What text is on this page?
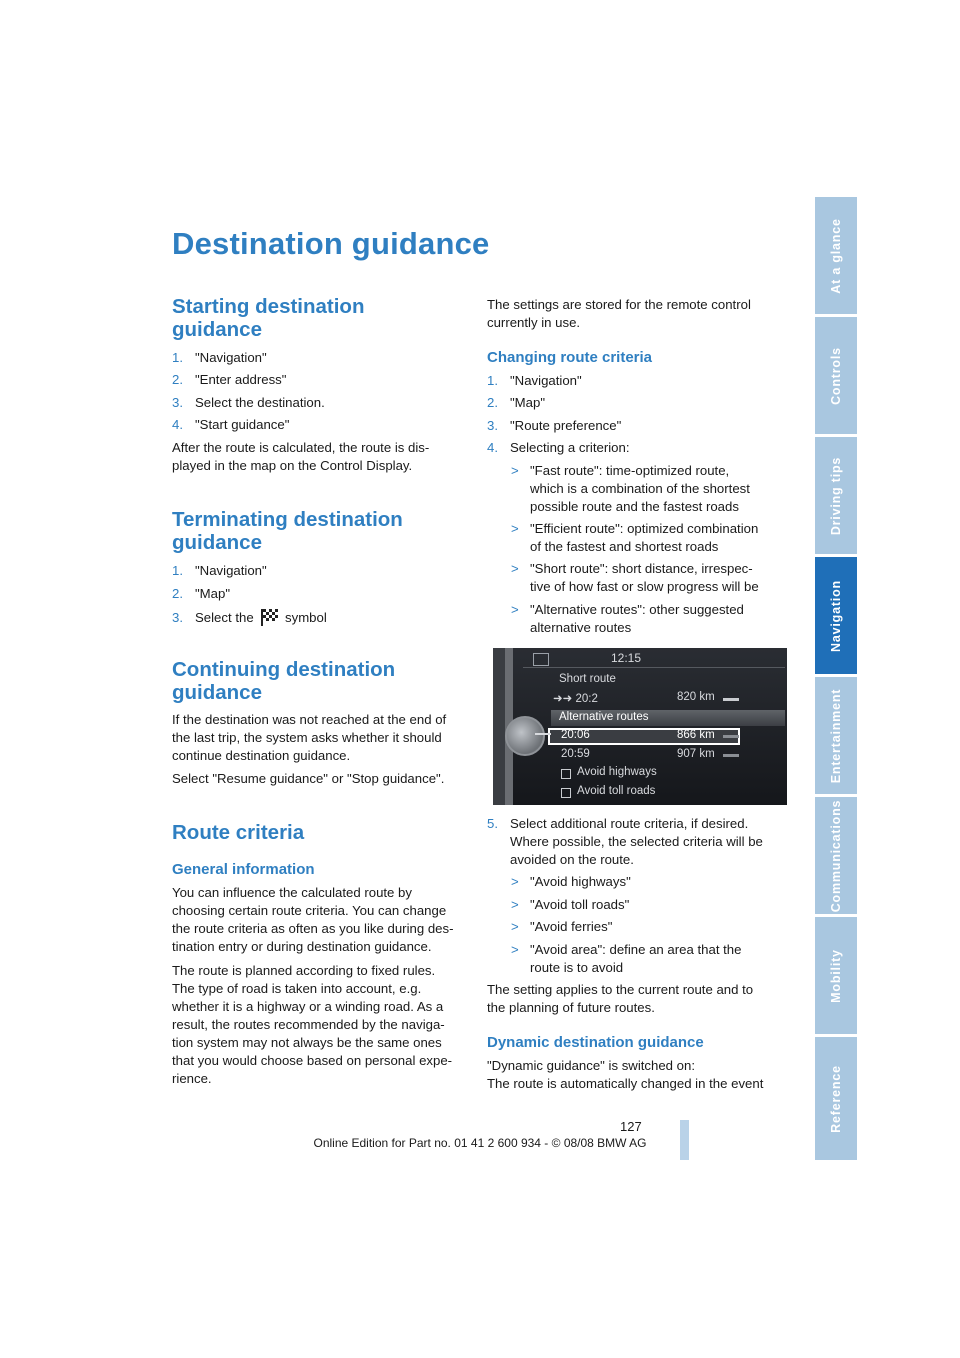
Destination guidance
Starting destination
guidance
1. "Navigation"
2. "Enter address"
3. Select the destination.
4. "Start guidance"
After the route is calculated, the route is dis-
played in the map on the Control Display.
Terminating destination
guidance
1. "Navigation"
2. "Map"
3. Select the symbol
Continuing destination
guidance
If the destination was not reached at the end of
the last trip, the system asks whether it should
continue destination guidance.
Select "Resume guidance" or "Stop guidance".
Route criteria
General information
You can influence the calculated route by
choosing certain route criteria. You can change
the route criteria as often as you like during des-
tination entry or during destination guidance.
The route is planned according to fixed rules.
The type of road is taken into account, e.g.
whether it is a highway or a winding road. As a
result, the routes recommended by the naviga-
tion system may not always be the same ones
that you would choose based on personal expe-
rience.
The settings are stored for the remote control
currently in use.
Changing route criteria
1. "Navigation"
2. "Map"
3. "Route preference"
4. Selecting a criterion:
> "Fast route": time-optimized route,
which is a combination of the shortest
possible route and the fastest roads
> "Efficient route": optimized combination
of the fastest and shortest roads
> "Short route": short distance, irrespec-
tive of how fast or slow progress will be
> "Alternative routes": other suggested
alternative routes
12:15
Short route
➜➜ 20:2	820 km
Alternative routes
20:06	866 km
20:59	907 km
Avoid highways
Avoid toll roads
5. Select additional route criteria, if desired.
Where possible, the selected criteria will be
avoided on the route.
> "Avoid highways"
> "Avoid toll roads"
> "Avoid ferries"
> "Avoid area": define an area that the
route is to avoid
The setting applies to the current route and to
the planning of future routes.
Dynamic destination guidance
"Dynamic guidance" is switched on:
The route is automatically changed in the event
At a glance
Controls
Driving tips
Navigation
Entertainment
Communications
Mobility
Reference
127
Online Edition for Part no. 01 41 2 600 934 - © 08/08 BMW AG
